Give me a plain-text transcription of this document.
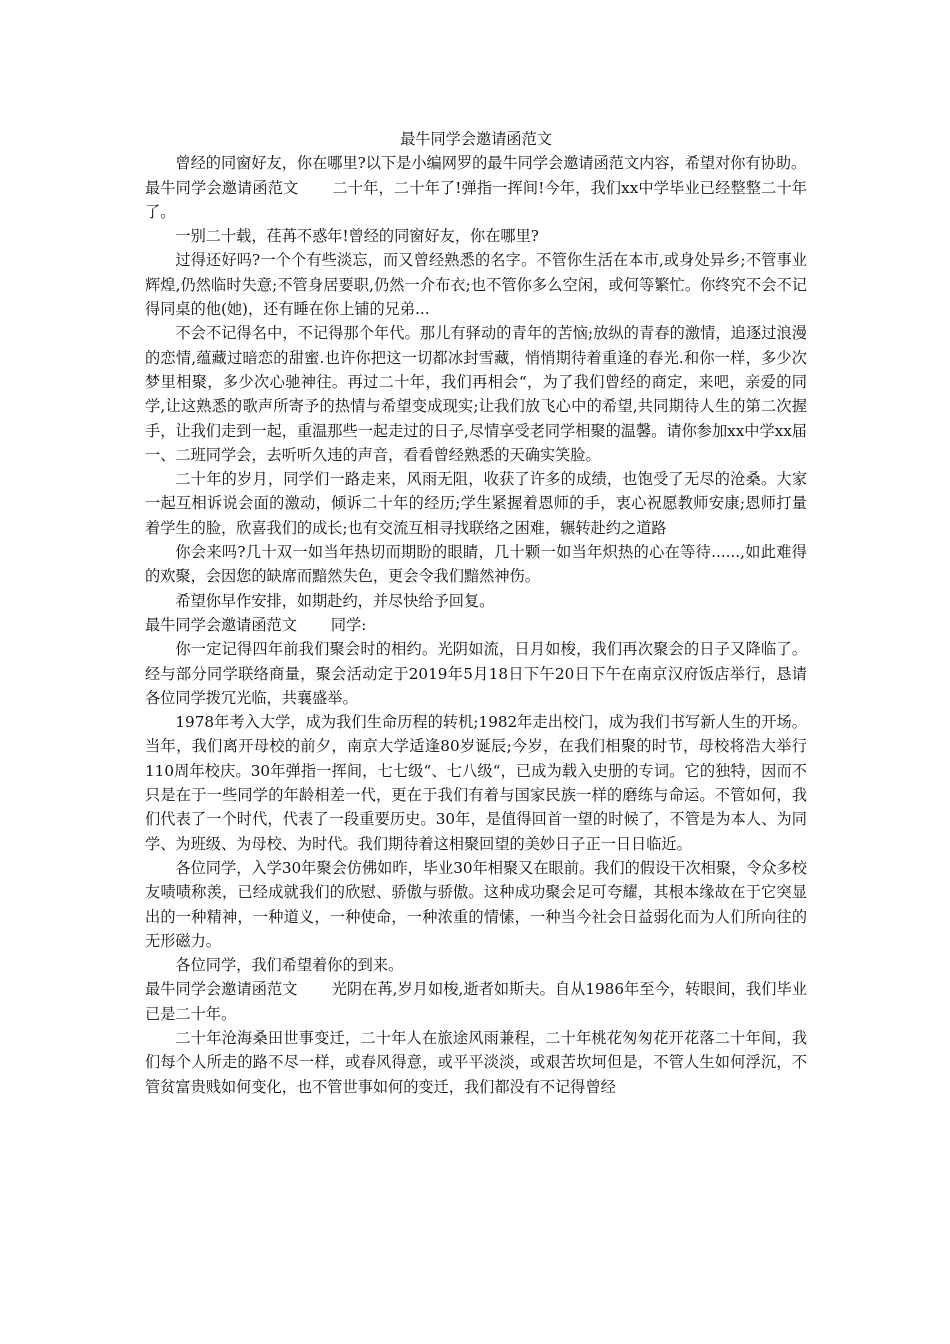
最牛同学会邀请函范文

曾经的同窗好友，你在哪里?以下是小编网罗的最牛同学会邀请函范文内容，希望对你有协助。

最牛同学会邀请函范文 二十年，二十年了!弹指一挥间!今年，我们xx中学毕业已经整整二十年了。

一别二十载，荏苒不惑年!曾经的同窗好友，你在哪里?

过得还好吗?一个个有些淡忘，而又曾经熟悉的名字。不管你生活在本市,或身处异乡;不管事业辉煌,仍然临时失意;不管身居要职,仍然一介布衣;也不管你多么空闲，或何等繁忙。你终究不会不记得同桌的他(她)，还有睡在你上铺的兄弟...

不会不记得名中，不记得那个年代。那儿有驿动的青年的苦恼;放纵的青春的激情，追逐过浪漫的恋情,蕴藏过暗恋的甜蜜.也许你把这一切都冰封雪藏，悄悄期待着重逢的春光.和你一样，多少次梦里相聚，多少次心驰神往。再过二十年，我们再相会“，为了我们曾经的商定，来吧，亲爱的同学,让这熟悉的歌声所寄予的热情与希望变成现实;让我们放飞心中的希望,共同期待人生的第二次握手，让我们走到一起，重温那些一起走过的日子,尽情享受老同学相聚的温馨。请你参加xx中学xx届一、二班同学会，去听听久违的声音，看看曾经熟悉的天确实笑脸。

二十年的岁月，同学们一路走来，风雨无阻，收获了许多的成绩，也饱受了无尽的沧桑。大家一起互相诉说会面的激动，倾诉二十年的经历;学生紧握着恩师的手，衷心祝愿教师安康;恩师打量着学生的脸，欣喜我们的成长;也有交流互相寻找联络之困难，辗转赴约之道路

你会来吗?几十双一如当年热切而期盼的眼睛，几十颗一如当年炽热的心在等待......,如此难得的欢聚，会因您的缺席而黯然失色，更会令我们黯然神伤。

希望你早作安排，如期赴约，并尽快给予回复。

最牛同学会邀请函范文 同学:

你一定记得四年前我们聚会时的相约。光阴如流，日月如梭，我们再次聚会的日子又降临了。经与部分同学联络商量，聚会活动定于2019年5月18日下午20日下午在南京汉府饭店举行，恳请各位同学拨冗光临，共襄盛举。

1978年考入大学，成为我们生命历程的转机;1982年走出校门，成为我们书写新人生的开场。当年，我们离开母校的前夕，南京大学适逢80岁诞辰;今岁，在我们相聚的时节，母校将浩大举行110周年校庆。30年弹指一挥间，七七级“、七八级“，已成为载入史册的专词。它的独特，因而不只是在于一些同学的年龄相差一代，更在于我们有着与国家民族一样的磨练与命运。不管如何，我们代表了一个时代，代表了一段重要历史。30年，是值得回首一望的时候了，不管是为本人、为同学、为班级、为母校、为时代。我们期待着这相聚回望的美妙日子正一日日临近。

各位同学，入学30年聚会仿佛如昨，毕业30年相聚又在眼前。我们的假设干次相聚，令众多校友啧啧称羡，已经成就我们的欣慰、骄傲与骄傲。这种成功聚会足可夸耀，其根本缘故在于它突显出的一种精神，一种道义，一种使命，一种浓重的情愫，一种当今社会日益弱化而为人们所向往的无形磁力。

各位同学，我们希望着你的到来。

最牛同学会邀请函范文 光阴在苒,岁月如梭,逝者如斯夫。自从1986年至今，转眼间，我们毕业已是二十年。

二十年沧海桑田世事变迁，二十年人在旅途风雨兼程，二十年桃花匆匆花开花落二十年间，我们每个人所走的路不尽一样，或春风得意，或平平淡淡，或艰苦坎坷但是，不管人生如何浮沉，不管贫富贵贱如何变化，也不管世事如何的变迁，我们都没有不记得曾经
